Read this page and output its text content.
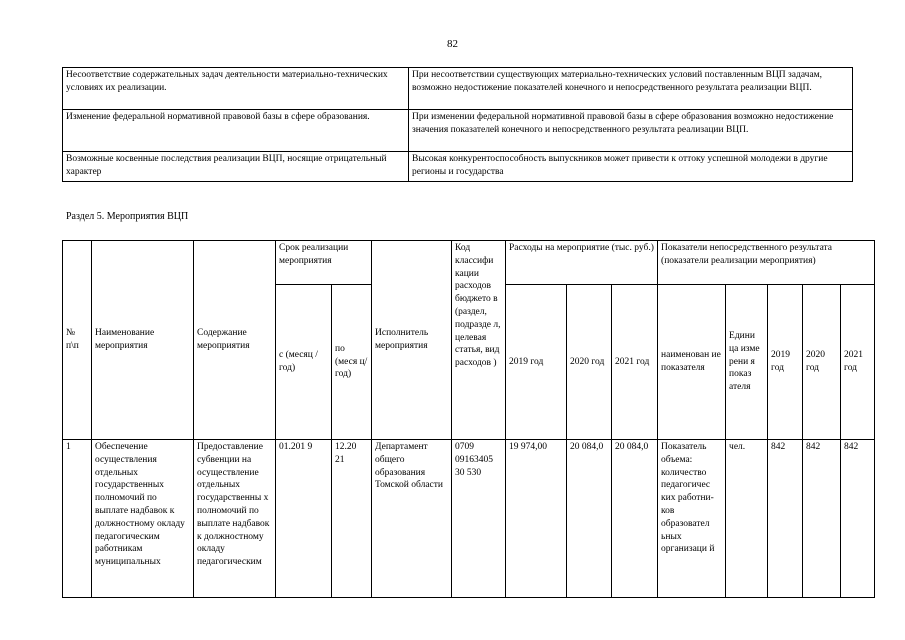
82
Несоответствие содержательных задач деятельности материально-технических условиях их реализации.	При несоответствии существующих материально-технических условий поставленным ВЦП задачам, возможно недостижение показателей конечного и непосредственного результата реализации ВЦП.
Изменение федеральной нормативной правовой базы в сфере образования.	При изменении федеральной нормативной правовой базы в сфере образования возможно недостижение значения показателей конечного и непосредственного результата реализации ВЦП.
Возможные косвенные последствия реализации ВЦП, носящие отрицательный характер	Высокая конкурентоспособность выпускников может привести к оттоку успешной молодежи в другие регионы и государства
Раздел 5. Мероприятия ВЦП
№ п\п	Наименование мероприятия	Содержание мероприятия	Срок реализации мероприятия		Исполнитель мероприятия	Код классифи кации расходов бюджето в (раздел, подразде л, целевая статья, вид расходов )	Расходы на мероприятие (тыс. руб.)			Показатели непосредственного результата (показатели реализации мероприятия)				
			с (месяц / год)	по (меся ц/ год)			2019 год	2020 год	2021 год	наименован ие показателя	Едини ца изме рени я показ ателя	2019 год	2020 год	2021 год
1	Обеспечение осуществления отдельных государственных полномочий по выплате надбавок к должностному окладу педагогическим работникам муниципальных	Предоставление субвенции на осуществление отдельных государственны х полномочий по выплате надбавок к должностному окладу педагогическим	01.201 9	12.20 21	Департамент общего образования Томской области	0709 09163405 30 530	19 974,00	20 084,0	20 084,0	Показатель объема: количество педагогичес ких работни- ков образовател ьных организаци й	чел.	842	842	842
